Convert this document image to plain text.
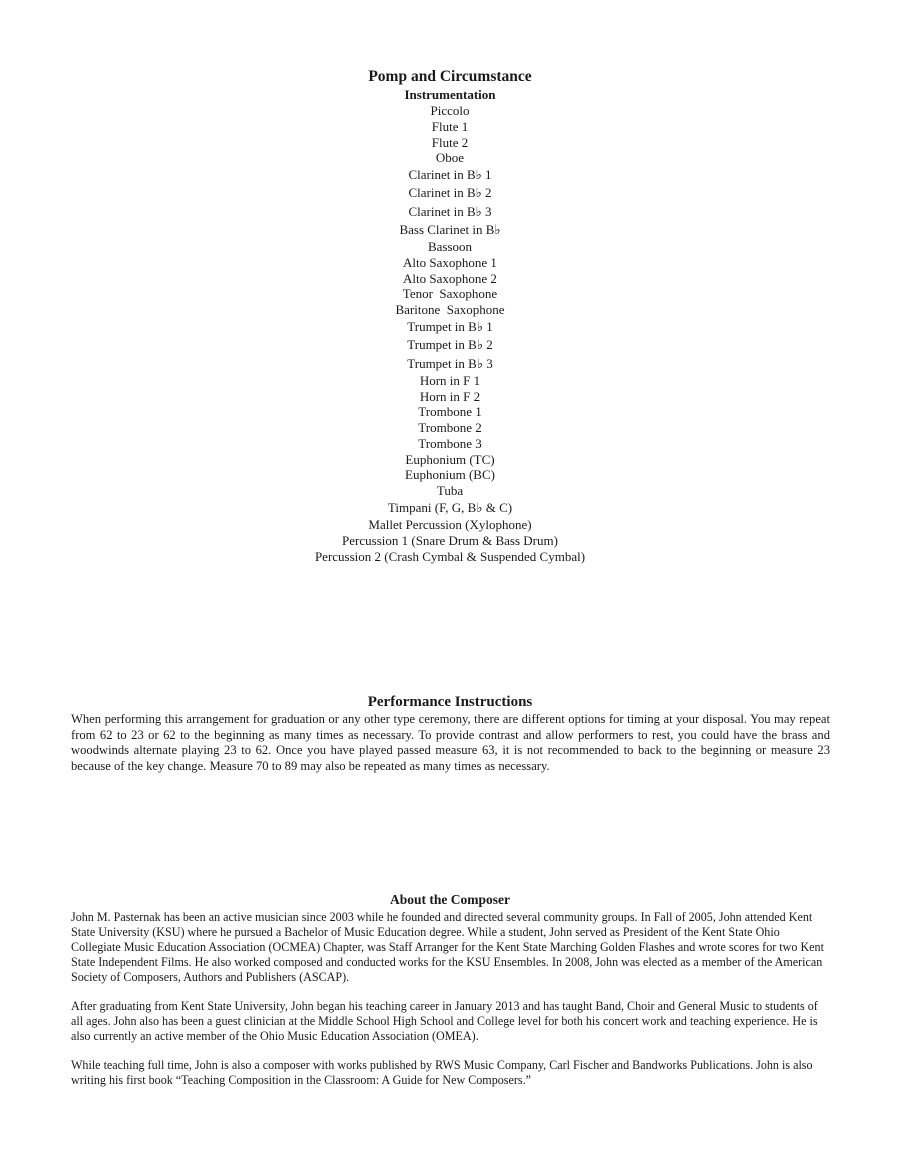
Pomp and Circumstance
Instrumentation
Piccolo
Flute 1
Flute 2
Oboe
Clarinet in B♭ 1
Clarinet in B♭ 2
Clarinet in B♭ 3
Bass Clarinet in B♭
Bassoon
Alto Saxophone 1
Alto Saxophone 2
Tenor  Saxophone
Baritone  Saxophone
Trumpet in B♭ 1
Trumpet in B♭ 2
Trumpet in B♭ 3
Horn in F 1
Horn in F 2
Trombone 1
Trombone 2
Trombone 3
Euphonium (TC)
Euphonium (BC)
Tuba
Timpani (F, G, B♭ & C)
Mallet Percussion (Xylophone)
Percussion 1 (Snare Drum & Bass Drum)
Percussion 2 (Crash Cymbal & Suspended Cymbal)
Performance Instructions

When performing this arrangement for graduation or any other type ceremony, there are different options for timing at your disposal. You may repeat from 62 to 23 or 62 to the beginning as many times as necessary. To provide contrast and allow performers to rest, you could have the brass and woodwinds alternate playing 23 to 62. Once you have played passed measure 63, it is not recommended to back to the beginning or measure 23 because of the key change. Measure 70 to 89 may also be repeated as many times as necessary.

About the Composer

John M. Pasternak has been an active musician since 2003 while he founded and directed several community groups. In Fall of 2005, John attended Kent State University (KSU) where he pursued a Bachelor of Music Education degree. While a student, John served as President of the Kent State Ohio Collegiate Music Education Association (OCMEA) Chapter, was Staff Arranger for the Kent State Marching Golden Flashes and wrote scores for two Kent State Independent Films. He also worked composed and conducted works for the KSU Ensembles. In 2008, John was elected as a member of the American Society of Composers, Authors and Publishers (ASCAP).

After graduating from Kent State University, John began his teaching career in January 2013 and has taught Band, Choir and General Music to students of all ages. John also has been a guest clinician at the Middle School High School and College level for both his concert work and teaching experience. He is also currently an active member of the Ohio Music Education Association (OMEA).

While teaching full time, John is also a composer with works published by RWS Music Company, Carl Fischer and Bandworks Publications. John is also writing his first book “Teaching Composition in the Classroom: A Guide for New Composers.”
